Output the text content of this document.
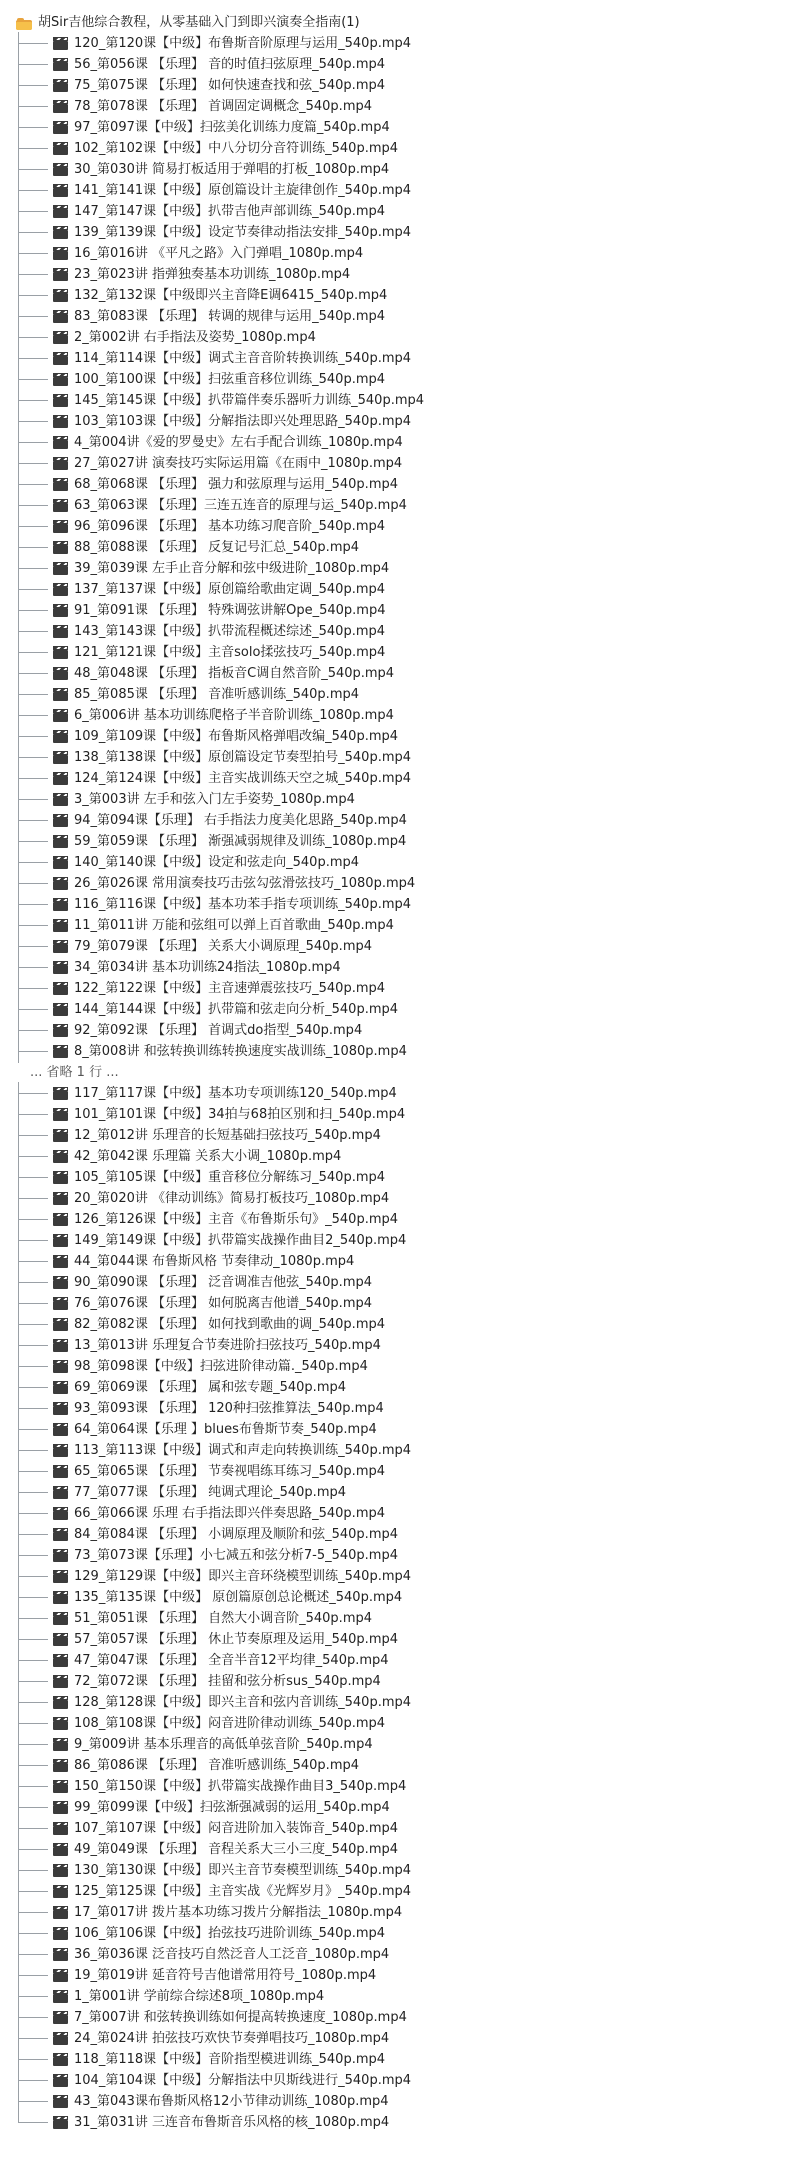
胡Sir吉他综合教程，从零基础入门到即兴演奏全指南(1)
120_第120课【中级】布鲁斯音阶原理与运用_540p.mp4
56_第056课 【乐理】 音的时值扫弦原理_540p.mp4
75_第075课 【乐理】 如何快速查找和弦_540p.mp4
78_第078课 【乐理】 首调固定调概念_540p.mp4
97_第097课【中级】扫弦美化训练力度篇_540p.mp4
102_第102课【中级】中八分切分音符训练_540p.mp4
30_第030讲 简易打板适用于弹唱的打板_1080p.mp4
141_第141课【中级】原创篇设计主旋律创作_540p.mp4
147_第147课【中级】扒带吉他声部训练_540p.mp4
139_第139课【中级】设定节奏律动指法安排_540p.mp4
16_第016讲 《平凡之路》入门弹唱_1080p.mp4
23_第023讲 指弹独奏基本功训练_1080p.mp4
132_第132课【中级即兴主音降E调6415_540p.mp4
83_第083课 【乐理】 转调的规律与运用_540p.mp4
2_第002讲 右手指法及姿势_1080p.mp4
114_第114课【中级】调式主音音阶转换训练_540p.mp4
100_第100课【中级】扫弦重音移位训练_540p.mp4
145_第145课【中级】扒带篇伴奏乐器听力训练_540p.mp4
103_第103课【中级】分解指法即兴处理思路_540p.mp4
4_第004讲《爱的罗曼史》左右手配合训练_1080p.mp4
27_第027讲 演奏技巧实际运用篇《在雨中_1080p.mp4
68_第068课 【乐理】 强力和弦原理与运用_540p.mp4
63_第063课 【乐理】三连五连音的原理与运_540p.mp4
96_第096课 【乐理】 基本功练习爬音阶_540p.mp4
88_第088课 【乐理】 反复记号汇总_540p.mp4
39_第039课 左手止音分解和弦中级进阶_1080p.mp4
137_第137课【中级】原创篇给歌曲定调_540p.mp4
91_第091课 【乐理】 特殊调弦讲解Ope_540p.mp4
143_第143课【中级】扒带流程概述综述_540p.mp4
121_第121课【中级】主音solo揉弦技巧_540p.mp4
48_第048课 【乐理】 指板音C调自然音阶_540p.mp4
85_第085课 【乐理】 音准听感训练_540p.mp4
6_第006讲 基本功训练爬格子半音阶训练_1080p.mp4
109_第109课【中级】布鲁斯风格弹唱改编_540p.mp4
138_第138课【中级】原创篇设定节奏型拍号_540p.mp4
124_第124课【中级】主音实战训练天空之城_540p.mp4
3_第003讲 左手和弦入门左手姿势_1080p.mp4
94_第094课【乐理】 右手指法力度美化思路_540p.mp4
59_第059课 【乐理】 渐强减弱规律及训练_1080p.mp4
140_第140课【中级】设定和弦走向_540p.mp4
26_第026课 常用演奏技巧击弦勾弦滑弦技巧_1080p.mp4
116_第116课【中级】基本功苯手指专项训练_540p.mp4
11_第011讲 万能和弦组可以弹上百首歌曲_540p.mp4
79_第079课 【乐理】 关系大小调原理_540p.mp4
34_第034讲 基本功训练24指法_1080p.mp4
122_第122课【中级】主音速弹震弦技巧_540p.mp4
144_第144课【中级】扒带篇和弦走向分析_540p.mp4
92_第092课 【乐理】 首调式do指型_540p.mp4
8_第008讲 和弦转换训练转换速度实战训练_1080p.mp4
... 省略 1 行 ...
117_第117课【中级】基本功专项训练120_540p.mp4
101_第101课【中级】34拍与68拍区别和扫_540p.mp4
12_第012讲 乐理音的长短基础扫弦技巧_540p.mp4
42_第042课 乐理篇 关系大小调_1080p.mp4
105_第105课【中级】重音移位分解练习_540p.mp4
20_第020讲 《律动训练》简易打板技巧_1080p.mp4
126_第126课【中级】主音《布鲁斯乐句》_540p.mp4
149_第149课【中级】扒带篇实战操作曲目2_540p.mp4
44_第044课 布鲁斯风格 节奏律动_1080p.mp4
90_第090课 【乐理】 泛音调准吉他弦_540p.mp4
76_第076课 【乐理】 如何脱离吉他谱_540p.mp4
82_第082课 【乐理】 如何找到歌曲的调_540p.mp4
13_第013讲 乐理复合节奏进阶扫弦技巧_540p.mp4
98_第098课【中级】扫弦进阶律动篇._540p.mp4
69_第069课 【乐理】 属和弦专题_540p.mp4
93_第093课 【乐理】 120种扫弦推算法_540p.mp4
64_第064课【乐理 】blues布鲁斯节奏_540p.mp4
113_第113课【中级】调式和声走向转换训练_540p.mp4
65_第065课 【乐理】 节奏视唱练耳练习_540p.mp4
77_第077课 【乐理】 纯调式理论_540p.mp4
66_第066课 乐理 右手指法即兴伴奏思路_540p.mp4
84_第084课 【乐理】 小调原理及顺阶和弦_540p.mp4
73_第073课【乐理】小七减五和弦分析7-5_540p.mp4
129_第129课【中级】即兴主音环绕模型训练_540p.mp4
135_第135课【中级】 原创篇原创总论概述_540p.mp4
51_第051课 【乐理】 自然大小调音阶_540p.mp4
57_第057课 【乐理】 休止节奏原理及运用_540p.mp4
47_第047课 【乐理】 全音半音12平均律_540p.mp4
72_第072课 【乐理】 挂留和弦分析sus_540p.mp4
128_第128课【中级】即兴主音和弦内音训练_540p.mp4
108_第108课【中级】闷音进阶律动训练_540p.mp4
9_第009讲 基本乐理音的高低单弦音阶_540p.mp4
86_第086课 【乐理】 音准听感训练_540p.mp4
150_第150课【中级】扒带篇实战操作曲目3_540p.mp4
99_第099课【中级】扫弦渐强减弱的运用_540p.mp4
107_第107课【中级】闷音进阶加入装饰音_540p.mp4
49_第049课 【乐理】 音程关系大三小三度_540p.mp4
130_第130课【中级】即兴主音节奏模型训练_540p.mp4
125_第125课【中级】主音实战《光辉岁月》_540p.mp4
17_第017讲 拨片基本功练习拨片分解指法_1080p.mp4
106_第106课【中级】抬弦技巧进阶训练_540p.mp4
36_第036课 泛音技巧自然泛音人工泛音_1080p.mp4
19_第019讲 延音符号吉他谱常用符号_1080p.mp4
1_第001讲 学前综合综述8项_1080p.mp4
7_第007讲 和弦转换训练如何提高转换速度_1080p.mp4
24_第024讲 拍弦技巧欢快节奏弹唱技巧_1080p.mp4
118_第118课【中级】音阶指型模进训练_540p.mp4
104_第104课【中级】分解指法中贝斯线进行_540p.mp4
43_第043课布鲁斯风格12小节律动训练_1080p.mp4
31_第031讲 三连音布鲁斯音乐风格的核_1080p.mp4
